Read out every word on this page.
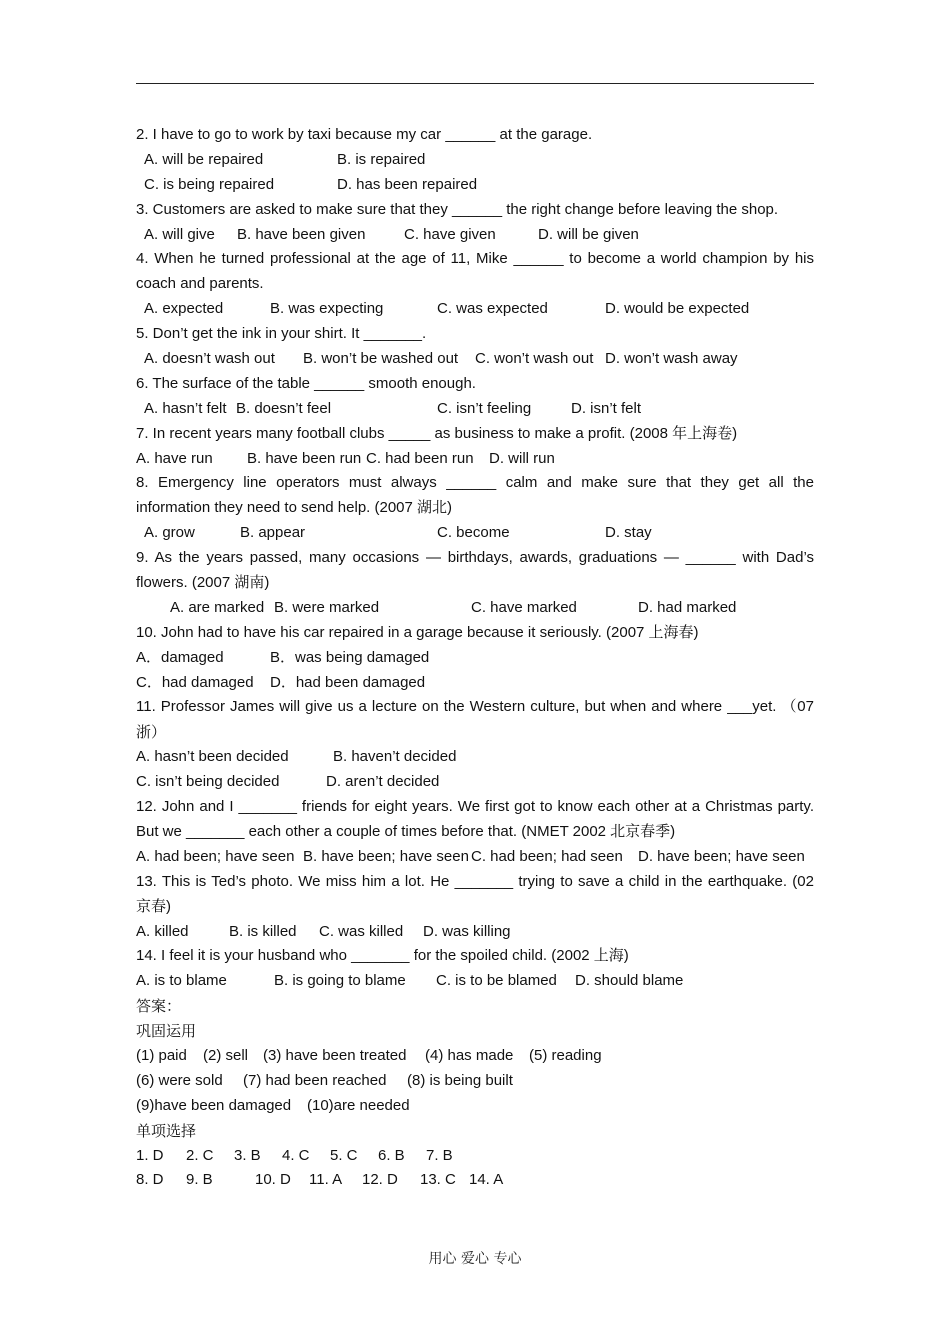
2. I have to go to work by taxi because my car ______ at the garage.
A. will be repaired	B. is repaired
C. is being repaired	D. has been repaired
3. Customers are asked to make sure that they ______ the right change before leaving the shop.
A. will give B. have been given	C. have given	D. will be given
4. When he turned professional at the age of 11, Mike ______ to become a world champion by his
coach and parents.
A. expected	B. was expecting	C. was expected	D. would be expected
5. Don’t get the ink in your shirt. It _______.
A. doesn’t wash out B. won’t be washed out C. won’t wash out D. won’t wash away
6. The surface of the table ______ smooth enough.
A. hasn’t felt B. doesn’t feel	C. isn’t feeling	D. isn’t felt
7. In recent years many football clubs _____ as business to make a profit. (2008 年上海卷)
A. have run B. have been run C. had been run D. will run
8. Emergency line operators must always ______ calm and make sure that they get all the
information they need to send help. (2007 湖北)
A. grow	B. appear	C. become	D. stay
9. As the years passed, many occasions — birthdays, awards, graduations — ______ with Dad’s
flowers. (2007 湖南)
A. are marked B. were marked	C. have marked	D. had marked
10. John had to have his car repaired in a garage because it seriously. (2007 上海春)
A．damaged	B．was being damaged
C．had damaged D．had been damaged
11. Professor James will give us a lecture on the Western culture, but when and where ___yet. （07
浙）
A. hasn’t been decided	B. haven’t decided
C. isn’t being decided	D. aren’t decided
12. John and I _______ friends for eight years. We first got to know each other at a Christmas party.
But we _______ each other a couple of times before that. (NMET 2002 北京春季)
A. had been; have seen B. have been; have seen C. had been; had seen D. have been; have seen
13. This is Ted’s photo. We miss him a lot. He _______ trying to save a child in the earthquake. (02
京春)
A. killed	B. is killed C. was killed D. was killing
14. I feel it is your husband who _______ for the spoiled child. (2002 上海)
A. is to blame	B. is going to blame C. is to be blamed D. should blame
答案：
巩固运用
(1) paid (2) sell (3) have been treated (4) has made (5) reading
(6) were sold (7) had been reached (8) is being built
(9)have been damaged (10)are needed
单项选择
1. D 2. C 3. B 4. C 5. C 6. B 7. B
8. D 9. B	10. D 11. A 12. D 13. C 14. A
用心 爱心 专心
